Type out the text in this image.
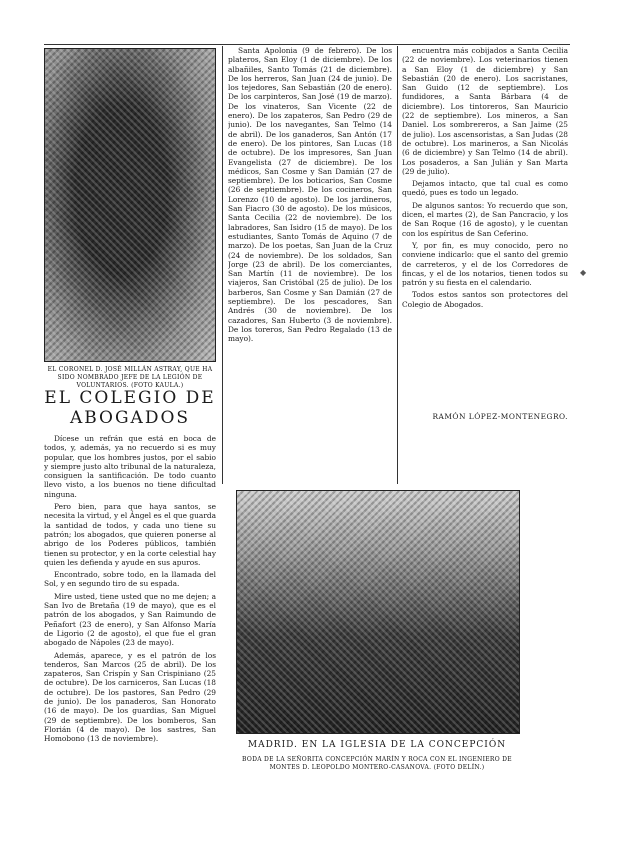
EL CORONEL D. JOSÉ MILLÁN ASTRAY, QUE HA SIDO NOMBRADO JEFE DE LA LEGIÓN DE VOLUNTARIOS. (FOTO KAULA.)
EL COLEGIO DE
ABOGADOS

Dícese un refrán que está en boca de todos, y, además, ya no recuerdo si es muy popular, que los hombres justos, por el sabio y siempre justo alto tribunal de la naturaleza, consiguen la santificación. De todo cuanto llevo visto, a los buenos no tiene dificultad ninguna.

Pero bien, para que haya santos, se necesita la virtud, y el Ángel es el que guarda la santidad de todos, y cada uno tiene su patrón; los abogados, que quieren ponerse al abrigo de los Poderes públicos, también tienen su protector, y en la corte celestial hay quien les defienda y ayude en sus apuros.

Encontrado, sobre todo, en la llamada del Sol, y en segundo tiro de su espada.

Mire usted, tiene usted que no me dejen; a San Ivo de Bretaña (19 de mayo), que es el patrón de los abogados, y San Raimundo de Peñafort (23 de enero), y San Alfonso María de Ligorio (2 de agosto), el que fue el gran abogado de Nápoles (23 de mayo).

Además, aparece, y es el patrón de los tenderos, San Marcos (25 de abril). De los zapateros, San Crispín y San Crispiniano (25 de octubre). De los carniceros, San Lucas (18 de octubre). De los pastores, San Pedro (29 de junio). De los panaderos, San Honorato (16 de mayo). De los guardias, San Miguel (29 de septiembre). De los bomberos, San Florián (4 de mayo). De los sastres, San Homobono (13 de noviembre).

Santa Apolonia (9 de febrero). De los plateros, San Eloy (1 de diciembre). De los albañiles, Santo Tomás (21 de diciembre). De los herreros, San Juan (24 de junio). De los tejedores, San Sebastián (20 de enero). De los carpinteros, San José (19 de marzo). De los vinateros, San Vicente (22 de enero). De los zapateros, San Pedro (29 de junio). De los navegantes, San Telmo (14 de abril). De los ganaderos, San Antón (17 de enero). De los pintores, San Lucas (18 de octubre). De los impresores, San Juan Evangelista (27 de diciembre). De los médicos, San Cosme y San Damián (27 de septiembre). De los boticarios, San Cosme (26 de septiembre). De los cocineros, San Lorenzo (10 de agosto). De los jardineros, San Fiacro (30 de agosto). De los músicos, Santa Cecilia (22 de noviembre). De los labradores, San Isidro (15 de mayo). De los estudiantes, Santo Tomás de Aquino (7 de marzo). De los poetas, San Juan de la Cruz (24 de noviembre). De los soldados, San Jorge (23 de abril). De los comerciantes, San Martín (11 de noviembre). De los viajeros, San Cristóbal (25 de julio). De los barberos, San Cosme y San Damián (27 de septiembre). De los pescadores, San Andrés (30 de noviembre). De los cazadores, San Huberto (3 de noviembre). De los toreros, San Pedro Regalado (13 de mayo).

encuentra más cobijados a Santa Cecilia (22 de noviembre). Los veterinarios tienen a San Eloy (1 de diciembre) y San Sebastián (20 de enero). Los sacristanes, San Guido (12 de septiembre). Los fundidores, a Santa Bárbara (4 de diciembre). Los tintoreros, San Mauricio (22 de septiembre). Los mineros, a San Daniel. Los sombrereros, a San Jaime (25 de julio). Los ascensoristas, a San Judas (28 de octubre). Los marineros, a San Nicolás (6 de diciembre) y San Telmo (14 de abril). Los posaderos, a San Julián y San Marta (29 de julio).

Dejamos intacto, que tal cual es como quedó, pues es todo un legado.

De algunos santos: Yo recuerdo que son, dicen, el martes (2), de San Pancracio, y los de San Roque (16 de agosto), y le cuentan con los espíritus de San Ceferino.

Y, por fin, es muy conocido, pero no conviene indicarlo: que el santo del gremio de carreteros, y el de los Corredores de fincas, y el de los notarios, tienen todos su patrón y su fiesta en el calendario.

Todos estos santos son protectores del Colegio de Abogados.

RAMÓN LÓPEZ-MONTENEGRO.
MADRID. EN LA IGLESIA DE LA CONCEPCIÓN
BODA DE LA SEÑORITA CONCEPCIÓN MARÍN Y ROCA CON EL INGENIERO DE MONTES D. LEOPOLDO MONTERO-CASANOVA. (FOTO DELÍN.)
◆
